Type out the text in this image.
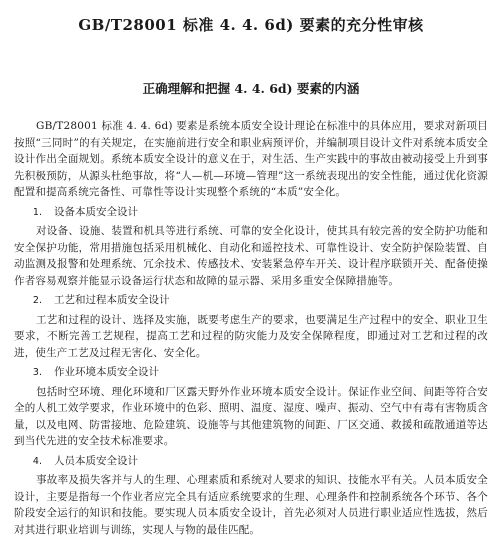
GB/T28001 标准 4. 4. 6d) 要素的充分性审核
正确理解和把握 4. 4. 6d) 要素的内涵

GB/T28001 标准 4. 4. 6d) 要素是系统本质安全设计理论在标准中的具体应用，要求对新项目按照“三同时”的有关规定，在实施前进行安全和职业病预评价，并编制项目设计文件对系统本质安全设计作出全面规划。系统本质安全设计的意义在于，对生活、生产实践中的事故由被动接受上升到事先积极预防，从源头杜绝事故，将“人—机—环境—管理”这一系统表现出的安全性能，通过优化资源配置和提高系统完备性、可靠性等设计实现整个系统的“本质”安全化。

1.	设备本质安全设计

对设备、设施、装置和机具等进行系统、可靠的安全化设计，使其具有较完善的安全防护功能和安全保护功能，常用措施包括采用机械化、自动化和遥控技术、可靠性设计、安全防护保险装置、自动监测及报警和处理系统、冗余技术、传感技术、安装紧急停车开关、设计程序联锁开关、配备使操作者容易观察并能显示设备运行状态和故障的显示器、采用多重安全保障措施等。

2.	工艺和过程本质安全设计

工艺和过程的设计、选择及实施，既要考虑生产的要求，也要满足生产过程中的安全、职业卫生要求，不断完善工艺规程，提高工艺和过程的防灾能力及安全保障程度，即通过对工艺和过程的改进，使生产工艺及过程无害化、安全化。

3.	作业环境本质安全设计

包括时空环境、理化环境和厂区露天野外作业环境本质安全设计。保证作业空间、间距等符合安全的人机工效学要求，作业环境中的色彩、照明、温度、湿度、噪声、振动、空气中有毒有害物质含量，以及电网、防雷接地、危险建筑、设施等与其他建筑物的间距、厂区交通、救援和疏散通道等达到当代先进的安全技术标准要求。

4.	人员本质安全设计

事故率及损失客并与人的生理、心理素质和系统对人要求的知识、技能水平有关。人员本质安全设计，主要是指每一个作业者应完全具有适应系统要求的生理、心理条件和控制系统各个环节、各个阶段安全运行的知识和技能。要实现人员本质安全设计，首先必须对人员进行职业适应性选拔，然后对其进行职业培训与训练，实现人与物的最佳匹配。
